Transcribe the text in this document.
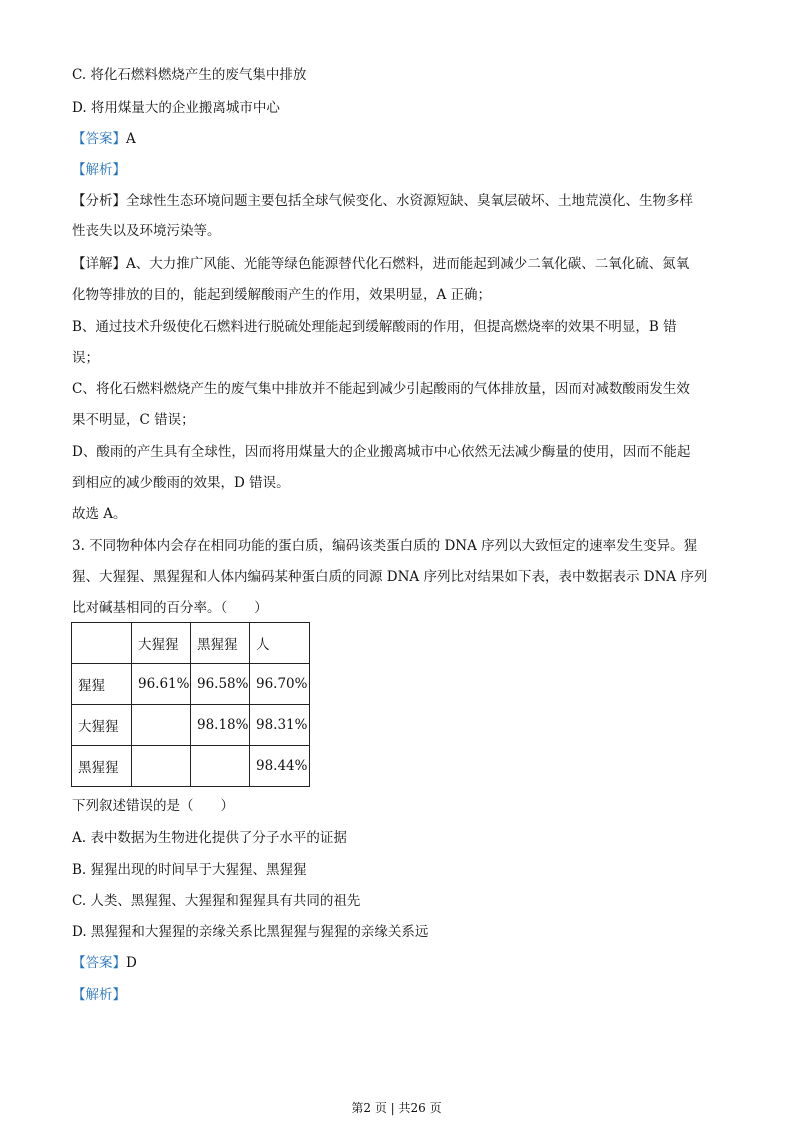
C. 将化石燃料燃烧产生的废气集中排放
D. 将用煤量大的企业搬离城市中心
【答案】A
【解析】
【分析】全球性生态环境问题主要包括全球气候变化、水资源短缺、臭氧层破坏、土地荒漠化、生物多样
性丧失以及环境污染等。
【详解】A、大力推广风能、光能等绿色能源替代化石燃料，进而能起到减少二氧化碳、二氧化硫、氮氧
化物等排放的目的，能起到缓解酸雨产生的作用，效果明显，A 正确；
B、通过技术升级使化石燃料进行脱硫处理能起到缓解酸雨的作用，但提高燃烧率的效果不明显，B 错
误；
C、将化石燃料燃烧产生的废气集中排放并不能起到减少引起酸雨的气体排放量，因而对减数酸雨发生效
果不明显，C 错误；
D、酸雨的产生具有全球性，因而将用煤量大的企业搬离城市中心依然无法减少酶量的使用，因而不能起
到相应的减少酸雨的效果，D 错误。
故选 A。
3. 不同物种体内会存在相同功能的蛋白质，编码该类蛋白质的 DNA 序列以大致恒定的速率发生变异。猩
猩、大猩猩、黑猩猩和人体内编码某种蛋白质的同源 DNA 序列比对结果如下表，表中数据表示 DNA 序列
比对碱基相同的百分率。（　　）
	大猩猩	黑猩猩	人
猩猩	96.61%	96.58%	96.70%
大猩猩		98.18%	98.31%
黑猩猩			98.44%
下列叙述错误的是（　　）
A. 表中数据为生物进化提供了分子水平的证据
B. 猩猩出现的时间早于大猩猩、黑猩猩
C. 人类、黑猩猩、大猩猩和猩猩具有共同的祖先
D. 黑猩猩和大猩猩的亲缘关系比黑猩猩与猩猩的亲缘关系远
【答案】D
【解析】
第2 页 | 共26 页
